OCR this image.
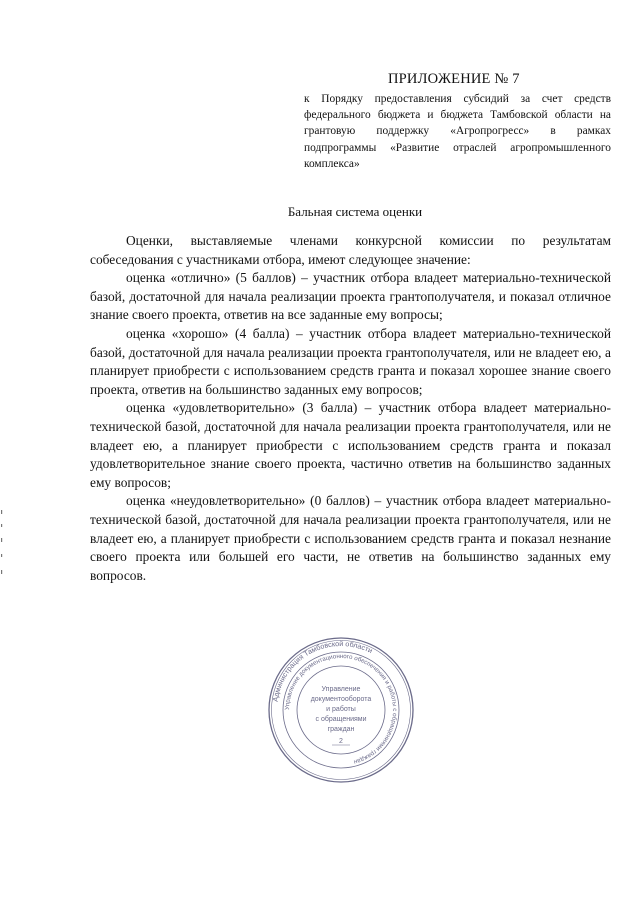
ПРИЛОЖЕНИЕ № 7
к Порядку предоставления субсидий за счет средств федерального бюджета и бюджета Тамбовской области на грантовую поддержку «Агропрогресс» в рамках подпрограммы «Развитие отраслей агропромышленного комплекса»
Бальная система оценки

Оценки, выставляемые членами конкурсной комиссии по результатам собеседования с участниками отбора, имеют следующее значение:

оценка «отлично» (5 баллов) – участник отбора владеет материально-технической базой, достаточной для начала реализации проекта грантополучателя, и показал отличное знание своего проекта, ответив на все заданные ему вопросы;

оценка «хорошо» (4 балла) – участник отбора владеет материально-технической базой, достаточной для начала реализации проекта грантополучателя, или не владеет ею, а планирует приобрести с использованием средств гранта и показал хорошее знание своего проекта, ответив на большинство заданных ему вопросов;

оценка «удовлетворительно» (3 балла) – участник отбора владеет материально-технической базой, достаточной для начала реализации проекта грантополучателя, или не владеет ею, а планирует приобрести с использованием средств гранта и показал удовлетворительное знание своего проекта, частично ответив на большинство заданных ему вопросов;

оценка «неудовлетворительно» (0 баллов) – участник отбора владеет материально-технической базой, достаточной для начала реализации проекта грантополучателя, или не владеет ею, а планирует приобрести с использованием средств гранта и показал незнание своего проекта или большей его части, не ответив на большинство заданных ему вопросов.

Администрация Тамбовской области
Управление документационного обеспечения и работы с обращениями граждан
Управление
документооборота
и работы
с обращениями
граждан
2
